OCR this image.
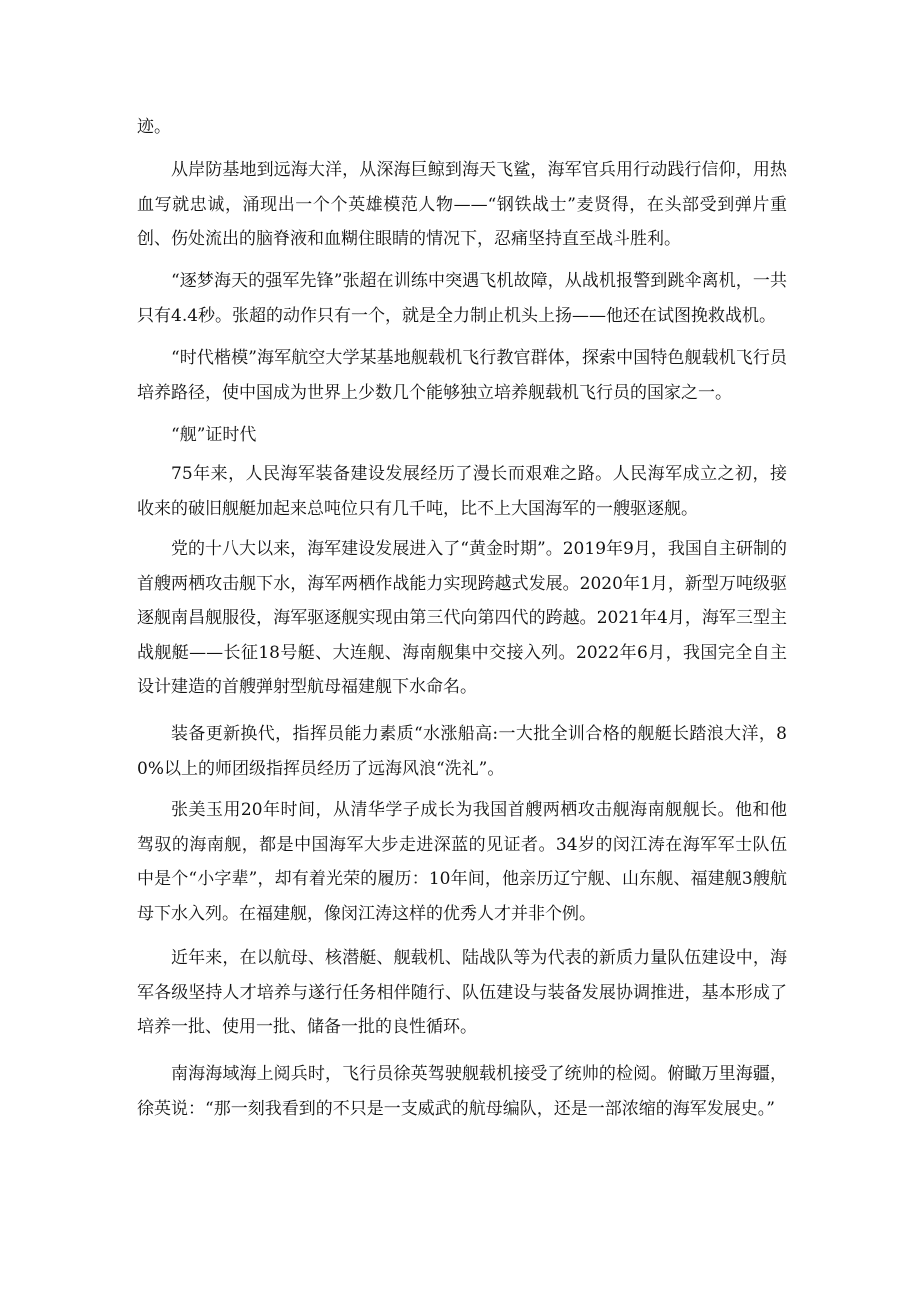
迹。

从岸防基地到远海大洋，从深海巨鲸到海天飞鲨，海军官兵用行动践行信仰，用热血写就忠诚，涌现出一个个英雄模范人物——“钢铁战士”麦贤得，在头部受到弹片重创、伤处流出的脑脊液和血糊住眼睛的情况下，忍痛坚持直至战斗胜利。

“逐梦海天的强军先锋”张超在训练中突遇飞机故障，从战机报警到跳伞离机，一共只有4.4秒。张超的动作只有一个，就是全力制止机头上扬——他还在试图挽救战机。

“时代楷模”海军航空大学某基地舰载机飞行教官群体，探索中国特色舰载机飞行员培养路径，使中国成为世界上少数几个能够独立培养舰载机飞行员的国家之一。

“舰”证时代

75年来，人民海军装备建设发展经历了漫长而艰难之路。人民海军成立之初，接收来的破旧舰艇加起来总吨位只有几千吨，比不上大国海军的一艘驱逐舰。

党的十八大以来，海军建设发展进入了“黄金时期”。2019年9月，我国自主研制的首艘两栖攻击舰下水，海军两栖作战能力实现跨越式发展。2020年1月，新型万吨级驱逐舰南昌舰服役，海军驱逐舰实现由第三代向第四代的跨越。2021年4月，海军三型主战舰艇——长征18号艇、大连舰、海南舰集中交接入列。2022年6月，我国完全自主设计建造的首艘弹射型航母福建舰下水命名。

装备更新换代，指挥员能力素质“水涨船高:一大批全训合格的舰艇长踏浪大洋，80%以上的师团级指挥员经历了远海风浪“洗礼”。

张美玉用20年时间，从清华学子成长为我国首艘两栖攻击舰海南舰舰长。他和他驾驭的海南舰，都是中国海军大步走进深蓝的见证者。34岁的闵江涛在海军军士队伍中是个“小字辈”，却有着光荣的履历：10年间，他亲历辽宁舰、山东舰、福建舰3艘航母下水入列。在福建舰，像闵江涛这样的优秀人才并非个例。

近年来，在以航母、核潜艇、舰载机、陆战队等为代表的新质力量队伍建设中，海军各级坚持人才培养与遂行任务相伴随行、队伍建设与装备发展协调推进，基本形成了培养一批、使用一批、储备一批的良性循环。

南海海域海上阅兵时，飞行员徐英驾驶舰载机接受了统帅的检阅。俯瞰万里海疆，徐英说：“那一刻我看到的不只是一支威武的航母编队，还是一部浓缩的海军发展史。”
